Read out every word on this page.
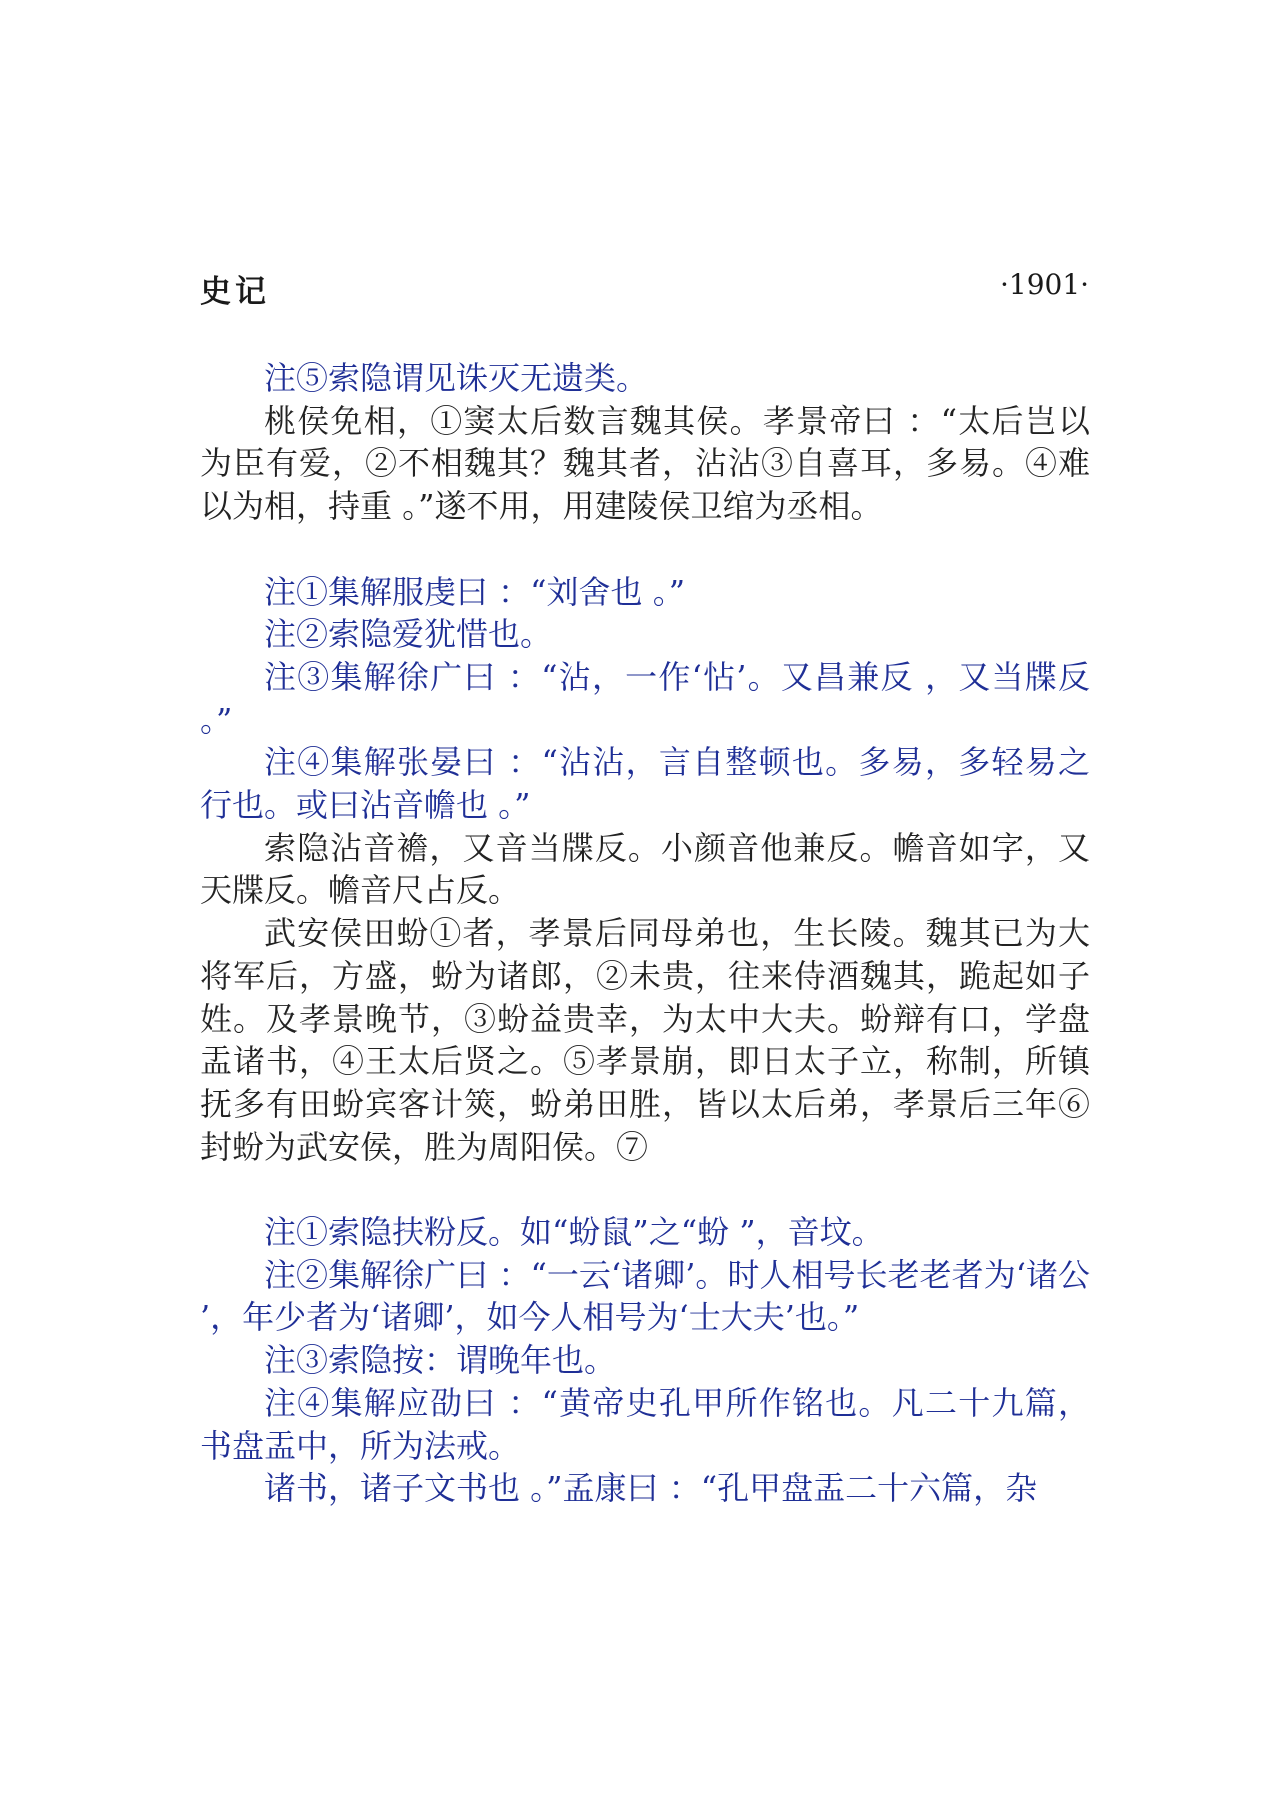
史记	·1901·

注⑤索隐谓见诛灭无遗类。

桃侯免相，①窦太后数言魏其侯。孝景帝曰 ：“太后岂以为臣有爱，②不相魏其？魏其者，沾沾③自喜耳，多易。④难以为相，持重 。”遂不用，用建陵侯卫绾为丞相。

注①集解服虔曰 ：“刘舍也 。”

注②索隐爱犹惜也。

注③集解徐广曰 ：“沾，一作‘怗’。又昌兼反 ，又当牒反 。”

注④集解张晏曰 ：“沾沾，言自整顿也。多易，多轻易之行也。或曰沾音幨也 。”

索隐沾音襜，又音当牒反。小颜音他兼反。幨音如字，又天牒反。幨音尺占反。

武安侯田蚡①者，孝景后同母弟也，生长陵。魏其已为大将军后，方盛，蚡为诸郎，②未贵，往来侍酒魏其，跪起如子姓。及孝景晚节，③蚡益贵幸，为太中大夫。蚡辩有口，学盘盂诸书，④王太后贤之。⑤孝景崩，即日太子立，称制，所镇抚多有田蚡宾客计筴，蚡弟田胜，皆以太后弟，孝景后三年⑥封蚡为武安侯，胜为周阳侯。⑦

注①索隐扶粉反。如“蚡鼠”之“蚡 ”，音坟。

注②集解徐广曰 ：“一云‘诸卿’。时人相号长老老者为‘诸公 ’，年少者为‘诸卿’，如今人相号为‘士大夫’也。”

注③索隐按：谓晚年也。

注④集解应劭曰 ：“黄帝史孔甲所作铭也。凡二十九篇，书盘盂中，所为法戒。

诸书，诸子文书也 。”孟康曰 ：“孔甲盘盂二十六篇，杂
